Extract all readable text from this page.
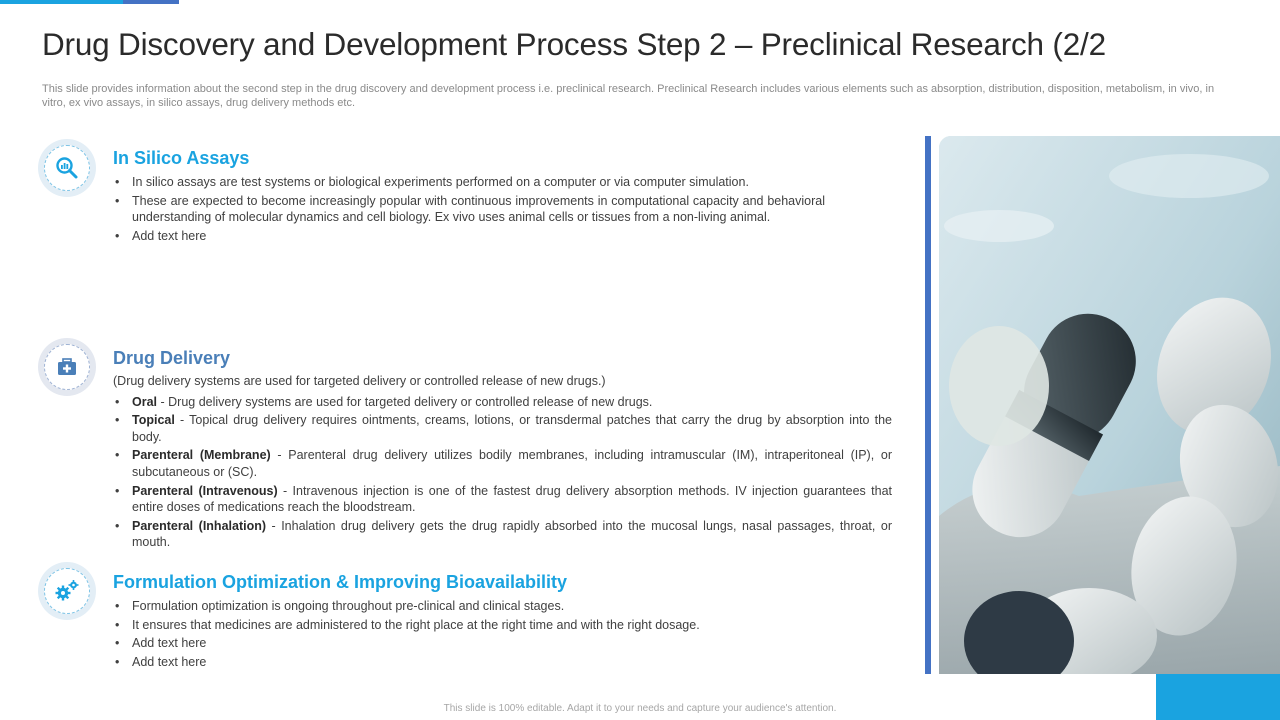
Drug Discovery and Development Process Step 2 – Preclinical Research (2/2

This slide provides information about the second step in the drug discovery and development process i.e. preclinical research. Preclinical Research includes various elements such as absorption, distribution, disposition, metabolism, in vivo, in vitro, ex vivo assays, in silico assays, drug delivery methods etc.

In Silico Assays
• In silico assays are test systems or biological experiments performed on a computer or via computer simulation.
• These are expected to become increasingly popular with continuous improvements in computational capacity and behavioral understanding of molecular dynamics and cell biology. Ex vivo uses animal cells or tissues from a non-living animal.
• Add text here
Drug Delivery
(Drug delivery systems are used for targeted delivery or controlled release of new drugs.)
• Oral - Drug delivery systems are used for targeted delivery or controlled release of new drugs.
• Topical - Topical drug delivery requires ointments, creams, lotions, or transdermal patches that carry the drug by absorption into the body.
• Parenteral (Membrane) - Parenteral drug delivery utilizes bodily membranes, including intramuscular (IM), intraperitoneal (IP), or subcutaneous or (SC).
• Parenteral (Intravenous) - Intravenous injection is one of the fastest drug delivery absorption methods. IV injection guarantees that entire doses of medications reach the bloodstream.
• Parenteral (Inhalation) - Inhalation drug delivery gets the drug rapidly absorbed into the mucosal lungs, nasal passages, throat, or mouth.
Formulation Optimization & Improving Bioavailability
• Formulation optimization is ongoing throughout pre-clinical and clinical stages.
• It ensures that medicines are administered to the right place at the right time and with the right dosage.
• Add text here
• Add text here
This slide is 100% editable. Adapt it to your needs and capture your audience's attention.
